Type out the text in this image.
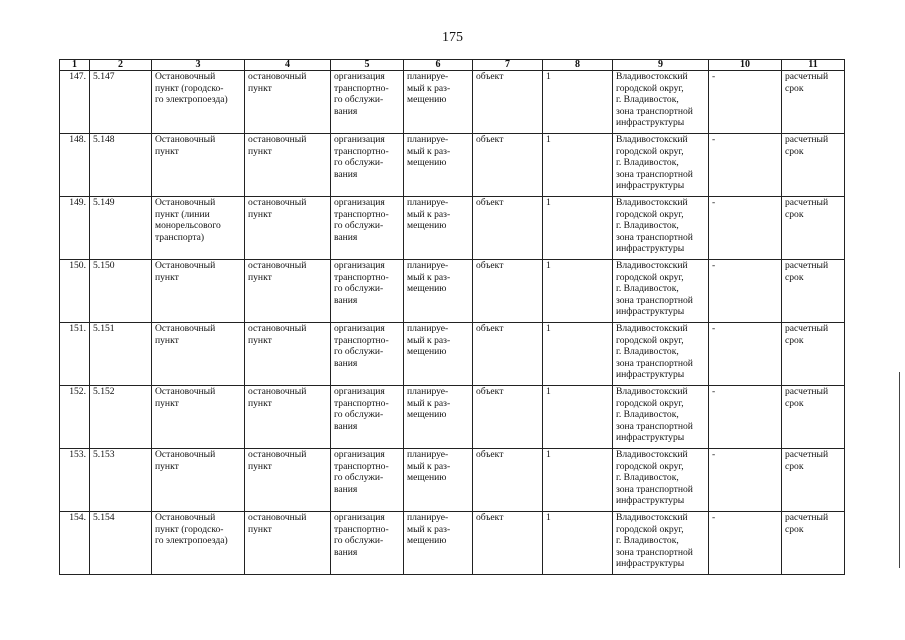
175
1	2	3	4	5	6	7	8	9	10	11
147.	5.147	Остановочный
пункт (городско-
го электропоезда)	остановочный
пункт	организация
транспортно-
го обслужи-
вания	планируе-
мый к раз-
мещению	объект	1	Владивостокский
городской округ,
г. Владивосток,
зона транспортной
инфраструктуры	-	расчетный
срок
148.	5.148	Остановочный
пункт	остановочный
пункт	организация
транспортно-
го обслужи-
вания	планируе-
мый к раз-
мещению	объект	1	Владивостокский
городской округ,
г. Владивосток,
зона транспортной
инфраструктуры	-	расчетный
срок
149.	5.149	Остановочный
пункт (линии
монорельсового
транспорта)	остановочный
пункт	организация
транспортно-
го обслужи-
вания	планируе-
мый к раз-
мещению	объект	1	Владивостокский
городской округ,
г. Владивосток,
зона транспортной
инфраструктуры	-	расчетный
срок
150.	5.150	Остановочный
пункт	остановочный
пункт	организация
транспортно-
го обслужи-
вания	планируе-
мый к раз-
мещению	объект	1	Владивостокский
городской округ,
г. Владивосток,
зона транспортной
инфраструктуры	-	расчетный
срок
151.	5.151	Остановочный
пункт	остановочный
пункт	организация
транспортно-
го обслужи-
вания	планируе-
мый к раз-
мещению	объект	1	Владивостокский
городской округ,
г. Владивосток,
зона транспортной
инфраструктуры	-	расчетный
срок
152.	5.152	Остановочный
пункт	остановочный
пункт	организация
транспортно-
го обслужи-
вания	планируе-
мый к раз-
мещению	объект	1	Владивостокский
городской округ,
г. Владивосток,
зона транспортной
инфраструктуры	-	расчетный
срок
153.	5.153	Остановочный
пункт	остановочный
пункт	организация
транспортно-
го обслужи-
вания	планируе-
мый к раз-
мещению	объект	1	Владивостокский
городской округ,
г. Владивосток,
зона транспортной
инфраструктуры	-	расчетный
срок
154.	5.154	Остановочный
пункт (городско-
го электропоезда)	остановочный
пункт	организация
транспортно-
го обслужи-
вания	планируе-
мый к раз-
мещению	объект	1	Владивостокский
городской округ,
г. Владивосток,
зона транспортной
инфраструктуры	-	расчетный
срок
